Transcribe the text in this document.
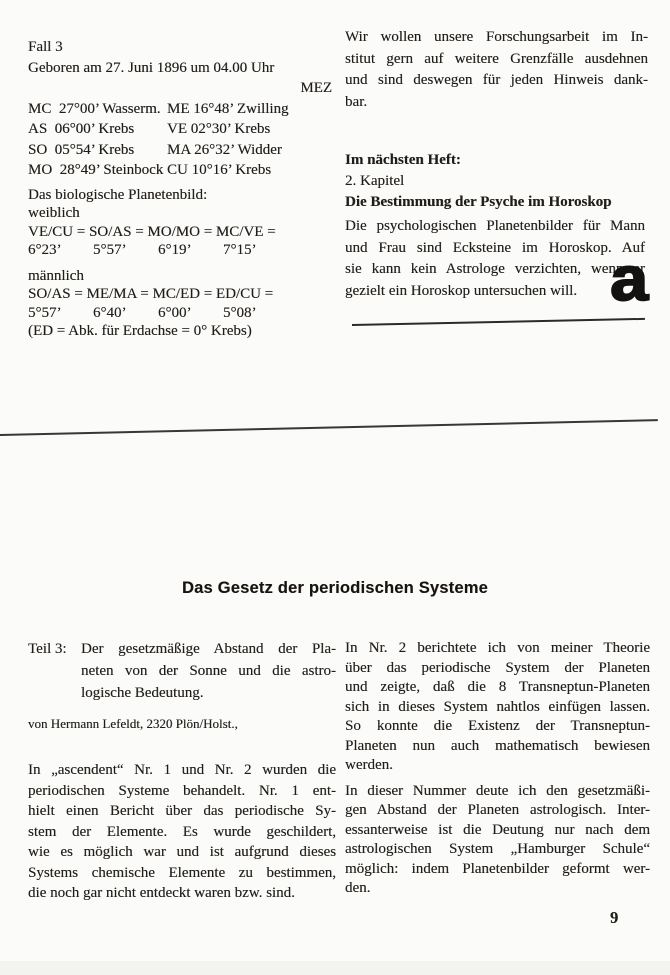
Fall 3
Geboren am 27. Juni 1896 um 04.00 Uhr
MEZ
MC  27°00’ Wasserm. ME 16°48’ Zwilling
AS  06°00’ Krebs	VE 02°30’ Krebs
SO  05°54’ Krebs	MA 26°32’ Widder
MO  28°49’ Steinbock CU 10°16’ Krebs
Das biologische Planetenbild:
weiblich
VE/CU = SO/AS = MO/MO = MC/VE =
6°23’ 5°57’ 6°19’ 7°15’
männlich
SO/AS = ME/MA = MC/ED = ED/CU =
5°57’ 6°40’ 6°00’ 5°08’
(ED = Abk. für Erdachse = 0° Krebs)
Wir wollen unsere Forschungsarbeit im In-
stitut gern auf weitere Grenzfälle ausdehnen
und sind deswegen für jeden Hinweis dank-
bar.
Im nächsten Heft:
2. Kapitel
Die Bestimmung der Psyche im Horoskop
Die psychologischen Planetenbilder für Mann
und Frau sind Ecksteine im Horoskop. Auf
sie kann kein Astrologe verzichten, wenn er
gezielt ein Horoskop untersuchen will. a
Das Gesetz der periodischen Systeme
Teil 3: Der gesetzmäßige Abstand der Pla-
neten von der Sonne und die astro-
logische Bedeutung.
von Hermann Lefeldt, 2320 Plön/Holst.,
In „ascendent“ Nr. 1 und Nr. 2 wurden die
periodischen Systeme behandelt. Nr. 1 ent-
hielt einen Bericht über das periodische Sy-
stem der Elemente. Es wurde geschildert,
wie es möglich war und ist aufgrund dieses
Systems chemische Elemente zu bestimmen,
die noch gar nicht entdeckt waren bzw. sind.
In Nr. 2 berichtete ich von meiner Theorie
über das periodische System der Planeten
und zeigte, daß die 8 Transneptun-Planeten
sich in dieses System nahtlos einfügen lassen.
So konnte die Existenz der Transneptun-
Planeten nun auch mathematisch bewiesen
werden.
In dieser Nummer deute ich den gesetzmäßi-
gen Abstand der Planeten astrologisch. Inter-
essanterweise ist die Deutung nur nach dem
astrologischen System „Hamburger Schule“
möglich: indem Planetenbilder geformt wer-
den.
9
